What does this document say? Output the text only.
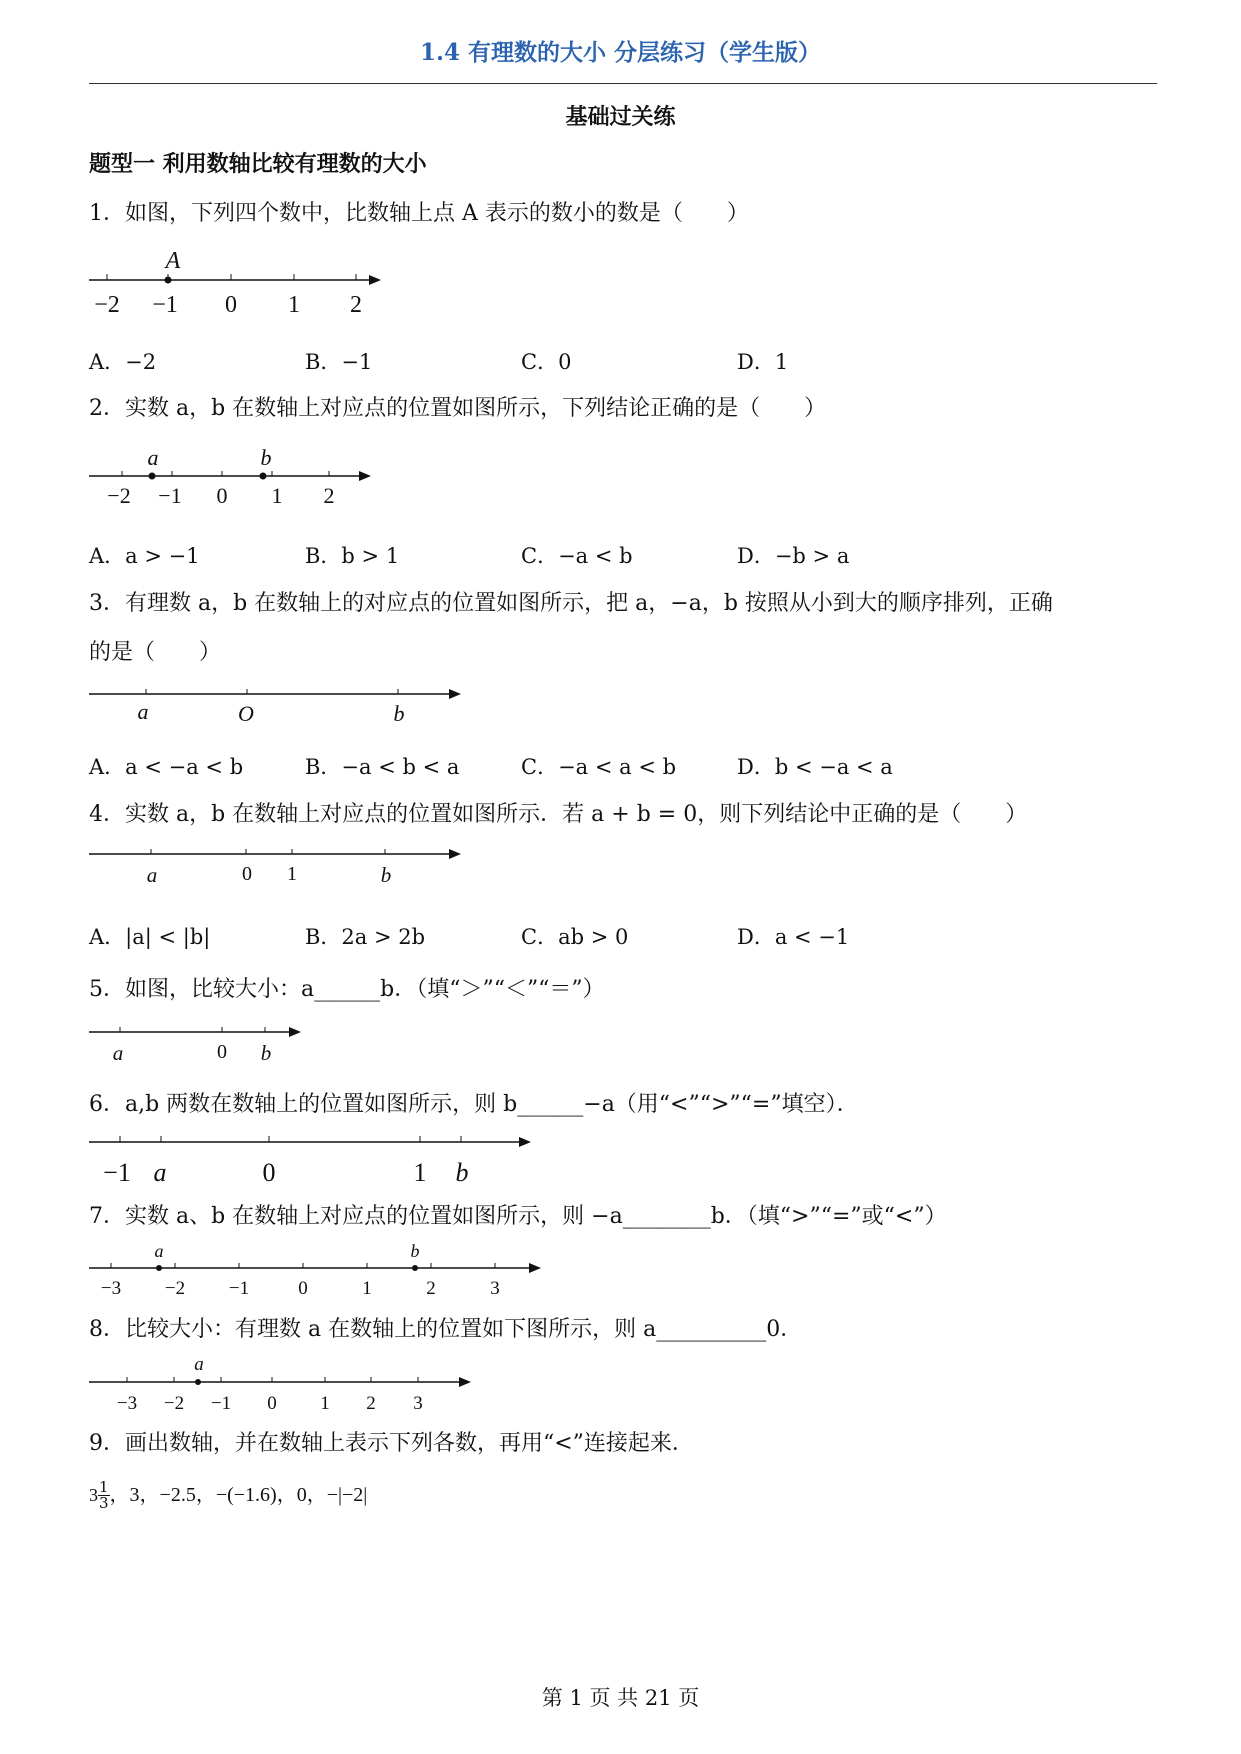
1.4 有理数的大小 分层练习（学生版）
基础过关练
题型一 利用数轴比较有理数的大小
1．如图，下列四个数中，比数轴上点 A 表示的数小的数是（　　）
A
−2 −1 0 1 2
A．−2	B．−1	C．0	D．1
2．实数 a，b 在数轴上对应点的位置如图所示，下列结论正确的是（　　）
a	b
−2 −1 0 1 2
A．a > −1	B．b > 1	C．−a < b	D．−b > a
3．有理数 a，b 在数轴上的对应点的位置如图所示，把 a，−a，b 按照从小到大的顺序排列，正确
的是（　　）
a	O	b
A．a < −a < b	B．−a < b < a	C．−a < a < b	D．b < −a < a
4．实数 a，b 在数轴上对应点的位置如图所示．若 a + b = 0，则下列结论中正确的是（　　）
a	0 1	b
A．|a| < |b|	B．2a > 2b	C．ab > 0	D．a < −1
5．如图，比较大小：a______b．（填“＞”“＜”“＝”）
a	0 b
6．a,b 两数在数轴上的位置如图所示，则 b______−a（用“<”“>”“=”填空）．
−1 a	0	1 b
7．实数 a、b 在数轴上对应点的位置如图所示，则 −a________b．（填“>”“=”或“<”）
a	b
−3 −2 −1	0	1	2	3
8．比较大小：有理数 a 在数轴上的位置如下图所示，则 a__________0．
a
−3 −2 −1 0 1 2 3
9．画出数轴，并在数轴上表示下列各数，再用“<”连接起来．
$3 \frac{1}{3}$ ，3，−2.5，−(−1.6)，0，−|−2|
第 1 页 共 21 页
